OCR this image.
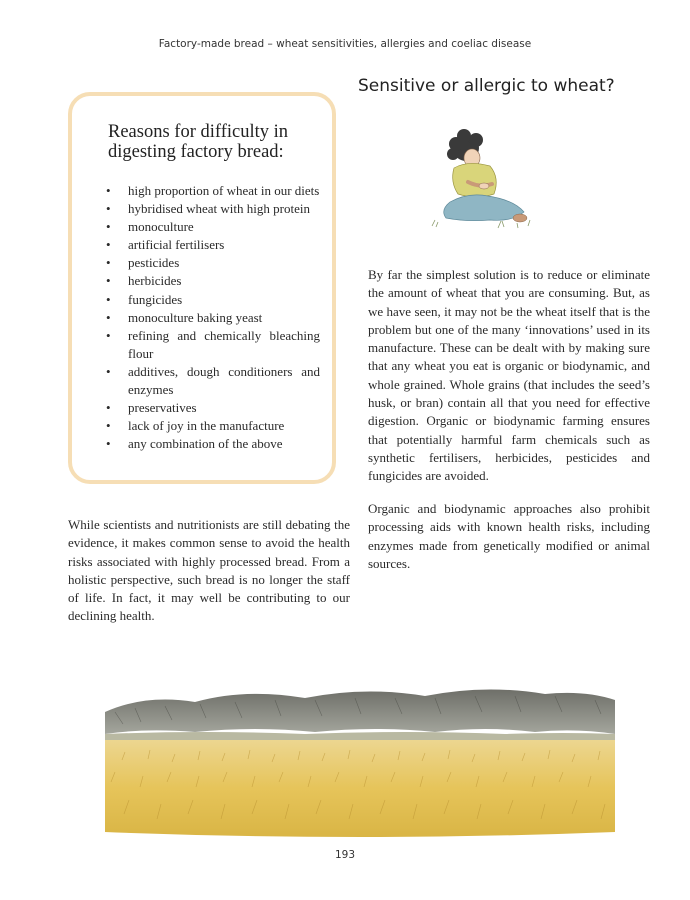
Factory-made bread – wheat sensitivities, allergies and coeliac disease
Reasons for difficulty in digesting factory bread:
• high proportion of wheat in our diets
• hybridised wheat with high protein
• monoculture
• artificial fertilisers
• pesticides
• herbicides
• fungicides
• monoculture baking yeast
• refining and chemically bleaching flour
• additives, dough conditioners and enzymes
• preservatives
• lack of joy in the manufacture
• any combination of the above

While scientists and nutritionists are still debating the evidence, it makes common sense to avoid the health risks associated with highly processed bread. From a holistic perspective, such bread is no longer the staff of life. In fact, it may well be contributing to our declining health.

Sensitive or allergic to wheat?

By far the simplest solution is to reduce or eliminate the amount of wheat that you are consuming. But, as we have seen, it may not be the wheat itself that is the problem but one of the many ‘innovations’ used in its manufacture. These can be dealt with by making sure that any wheat you eat is organic or biodynamic, and whole grained. Whole grains (that includes the seed’s husk, or bran) contain all that you need for effective digestion. Organic or biodynamic farming ensures that potentially harmful farm chemicals such as synthetic fertilisers, herbicides, pesticides and fungicides are avoided.

Organic and biodynamic approaches also prohibit processing aids with known health risks, including enzymes made from genetically modified or animal sources.

193
